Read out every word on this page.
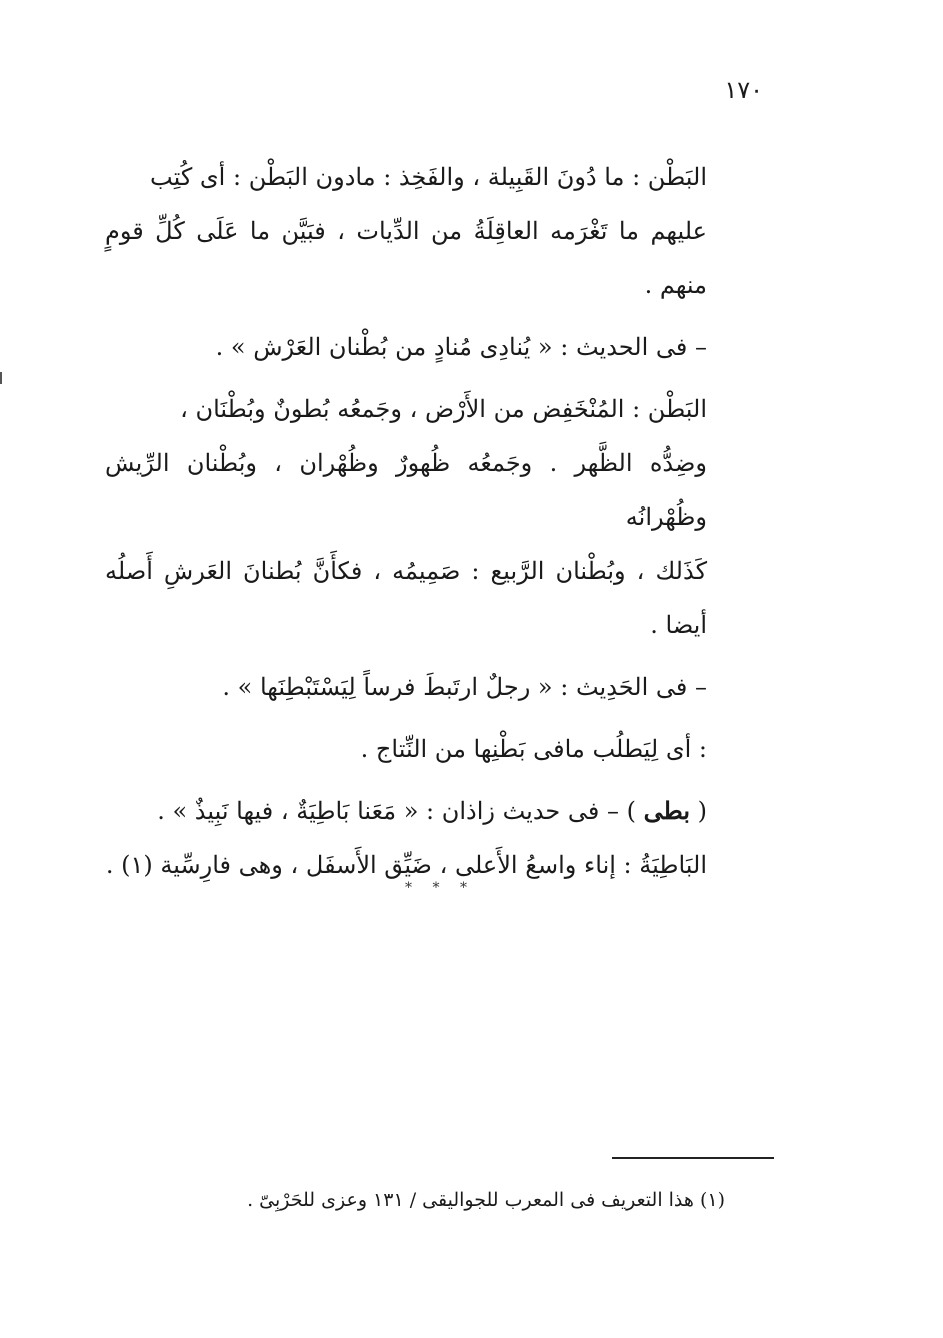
١٧٠

البَطْن : ما دُونَ القَبِيلة ، والفَخِذ : مادون البَطْن : أى كُتِب
عليهم ما تَغْرَمه العاقِلَةُ من الدِّيات ، فبَيَّن ما عَلَى كُلِّ قومٍ منهم .

– فى الحديث : « يُنادِى مُنادٍ من بُطْنان العَرْش » .

البَطْن : المُنْخَفِض من الأَرْض ، وجَمعُه بُطونٌ وبُطْنَان ،
وضِدُّه الظَّهر . وجَمعُه ظُهورٌ وظُهْران ، وبُطْنان الرِّيش وظُهْرانُه
كَذَلك ، وبُطْنان الرَّبيع : صَمِيمُه ، فكأَنَّ بُطنانَ العَرشِ أَصلُه أيضا .

– فى الحَدِيث : « رجلٌ ارتَبطَ فرساً لِيَسْتَبْطِنَها » .

: أى لِيَطلُب مافى بَطْنِها من النِّتاج .

( بطى ) – فى حديث زاذان : « مَعَنا بَاطِيَةٌ ، فيها نَبِيذٌ » .
البَاطِيَةُ : إناء واسعُ الأَعلى ، ضَيِّق الأَسفَل ، وهى فارِسِّية (١) .

* * *
(١) هذا التعريف فى المعرب للجواليقى / ١٣١ وعزى للحَرْبِىّ .
